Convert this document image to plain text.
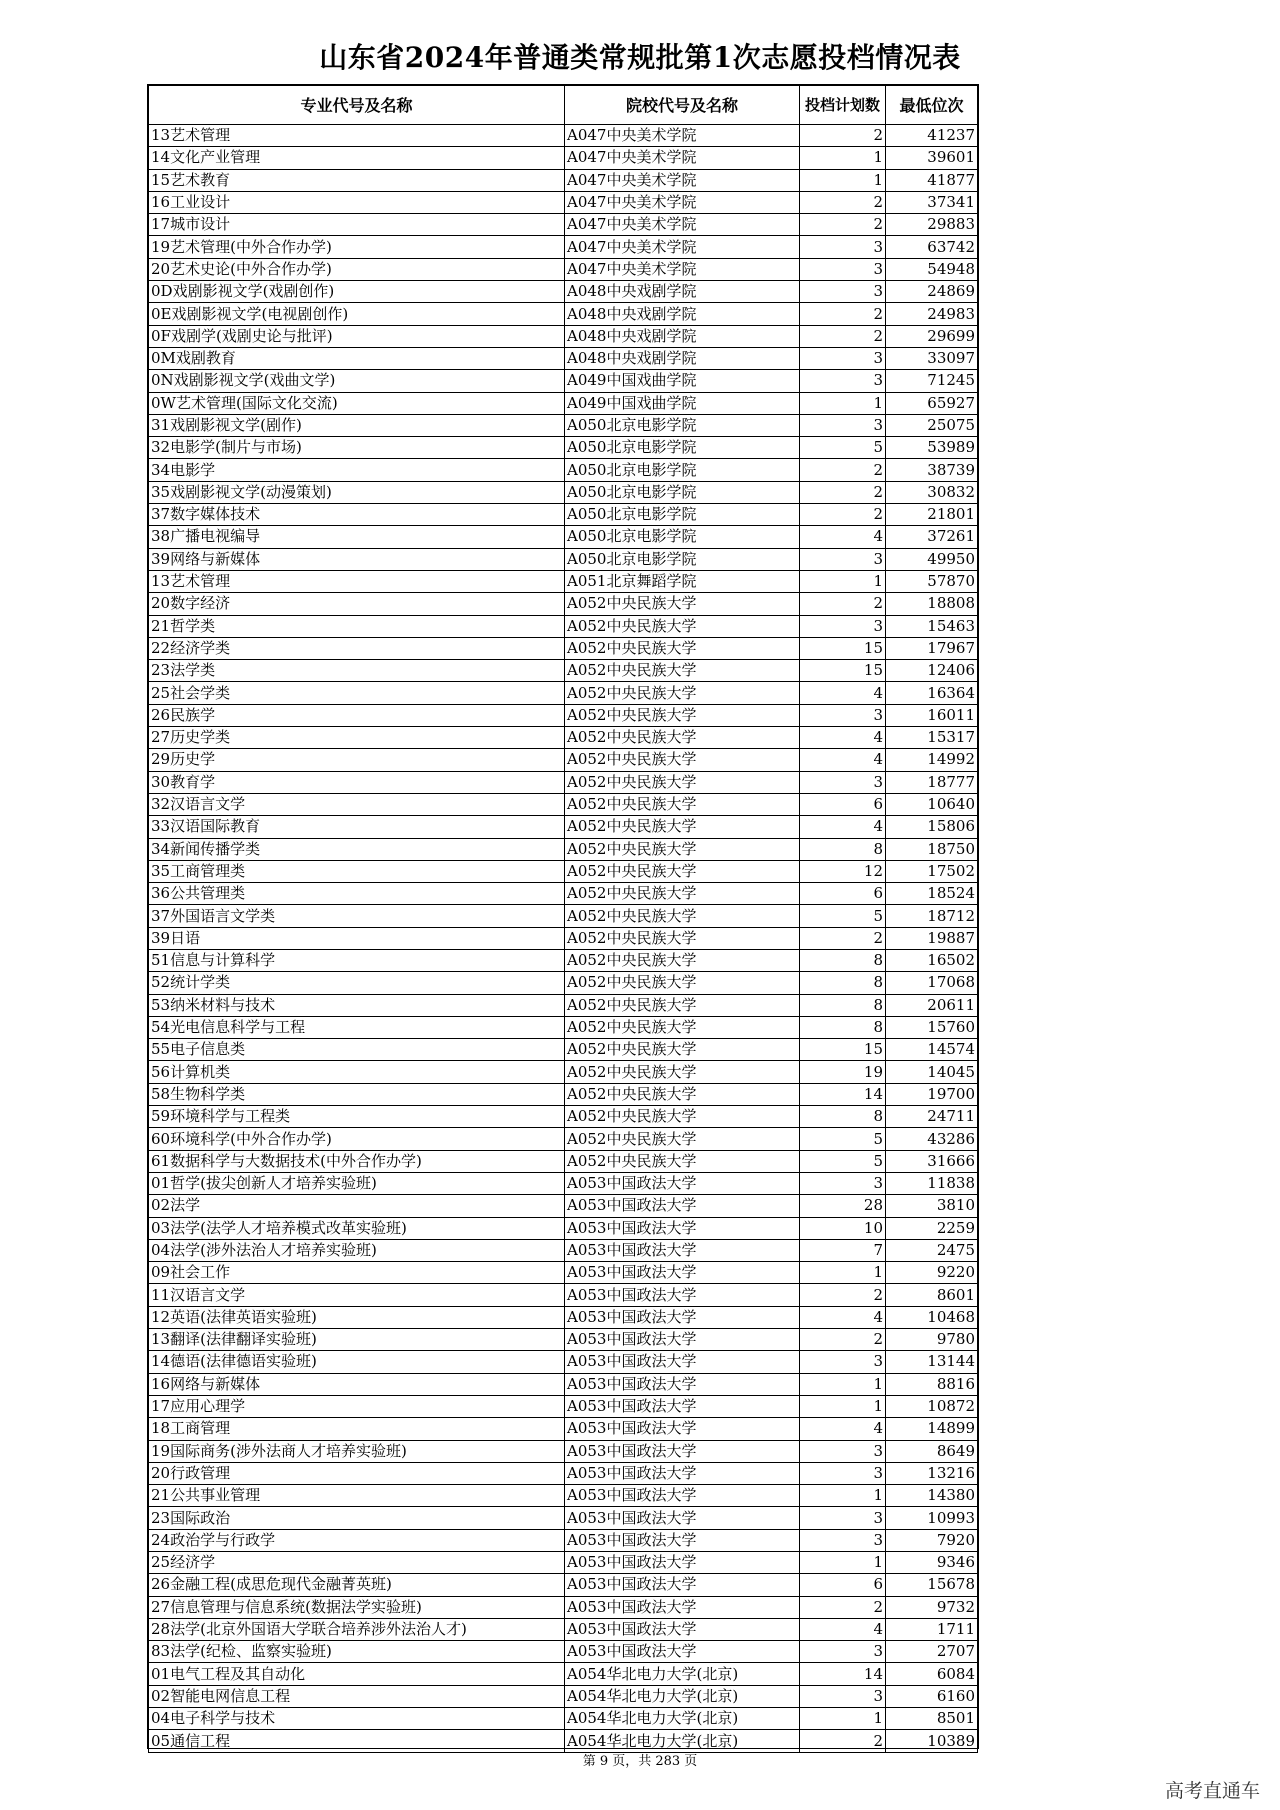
山东省2024年普通类常规批第1次志愿投档情况表
专业代号及名称	院校代号及名称	投档计划数	最低位次
13艺术管理	A047中央美术学院	2	41237
14文化产业管理	A047中央美术学院	1	39601
15艺术教育	A047中央美术学院	1	41877
16工业设计	A047中央美术学院	2	37341
17城市设计	A047中央美术学院	2	29883
19艺术管理(中外合作办学)	A047中央美术学院	3	63742
20艺术史论(中外合作办学)	A047中央美术学院	3	54948
0D戏剧影视文学(戏剧创作)	A048中央戏剧学院	3	24869
0E戏剧影视文学(电视剧创作)	A048中央戏剧学院	2	24983
0F戏剧学(戏剧史论与批评)	A048中央戏剧学院	2	29699
0M戏剧教育	A048中央戏剧学院	3	33097
0N戏剧影视文学(戏曲文学)	A049中国戏曲学院	3	71245
0W艺术管理(国际文化交流)	A049中国戏曲学院	1	65927
31戏剧影视文学(剧作)	A050北京电影学院	3	25075
32电影学(制片与市场)	A050北京电影学院	5	53989
34电影学	A050北京电影学院	2	38739
35戏剧影视文学(动漫策划)	A050北京电影学院	2	30832
37数字媒体技术	A050北京电影学院	2	21801
38广播电视编导	A050北京电影学院	4	37261
39网络与新媒体	A050北京电影学院	3	49950
13艺术管理	A051北京舞蹈学院	1	57870
20数字经济	A052中央民族大学	2	18808
21哲学类	A052中央民族大学	3	15463
22经济学类	A052中央民族大学	15	17967
23法学类	A052中央民族大学	15	12406
25社会学类	A052中央民族大学	4	16364
26民族学	A052中央民族大学	3	16011
27历史学类	A052中央民族大学	4	15317
29历史学	A052中央民族大学	4	14992
30教育学	A052中央民族大学	3	18777
32汉语言文学	A052中央民族大学	6	10640
33汉语国际教育	A052中央民族大学	4	15806
34新闻传播学类	A052中央民族大学	8	18750
35工商管理类	A052中央民族大学	12	17502
36公共管理类	A052中央民族大学	6	18524
37外国语言文学类	A052中央民族大学	5	18712
39日语	A052中央民族大学	2	19887
51信息与计算科学	A052中央民族大学	8	16502
52统计学类	A052中央民族大学	8	17068
53纳米材料与技术	A052中央民族大学	8	20611
54光电信息科学与工程	A052中央民族大学	8	15760
55电子信息类	A052中央民族大学	15	14574
56计算机类	A052中央民族大学	19	14045
58生物科学类	A052中央民族大学	14	19700
59环境科学与工程类	A052中央民族大学	8	24711
60环境科学(中外合作办学)	A052中央民族大学	5	43286
61数据科学与大数据技术(中外合作办学)	A052中央民族大学	5	31666
01哲学(拔尖创新人才培养实验班)	A053中国政法大学	3	11838
02法学	A053中国政法大学	28	3810
03法学(法学人才培养模式改革实验班)	A053中国政法大学	10	2259
04法学(涉外法治人才培养实验班)	A053中国政法大学	7	2475
09社会工作	A053中国政法大学	1	9220
11汉语言文学	A053中国政法大学	2	8601
12英语(法律英语实验班)	A053中国政法大学	4	10468
13翻译(法律翻译实验班)	A053中国政法大学	2	9780
14德语(法律德语实验班)	A053中国政法大学	3	13144
16网络与新媒体	A053中国政法大学	1	8816
17应用心理学	A053中国政法大学	1	10872
18工商管理	A053中国政法大学	4	14899
19国际商务(涉外法商人才培养实验班)	A053中国政法大学	3	8649
20行政管理	A053中国政法大学	3	13216
21公共事业管理	A053中国政法大学	1	14380
23国际政治	A053中国政法大学	3	10993
24政治学与行政学	A053中国政法大学	3	7920
25经济学	A053中国政法大学	1	9346
26金融工程(成思危现代金融菁英班)	A053中国政法大学	6	15678
27信息管理与信息系统(数据法学实验班)	A053中国政法大学	2	9732
28法学(北京外国语大学联合培养涉外法治人才)	A053中国政法大学	4	1711
83法学(纪检、监察实验班)	A053中国政法大学	3	2707
01电气工程及其自动化	A054华北电力大学(北京)	14	6084
02智能电网信息工程	A054华北电力大学(北京)	3	6160
04电子科学与技术	A054华北电力大学(北京)	1	8501
05通信工程	A054华北电力大学(北京)	2	10389
第 9 页，共 283 页
高考直通车
